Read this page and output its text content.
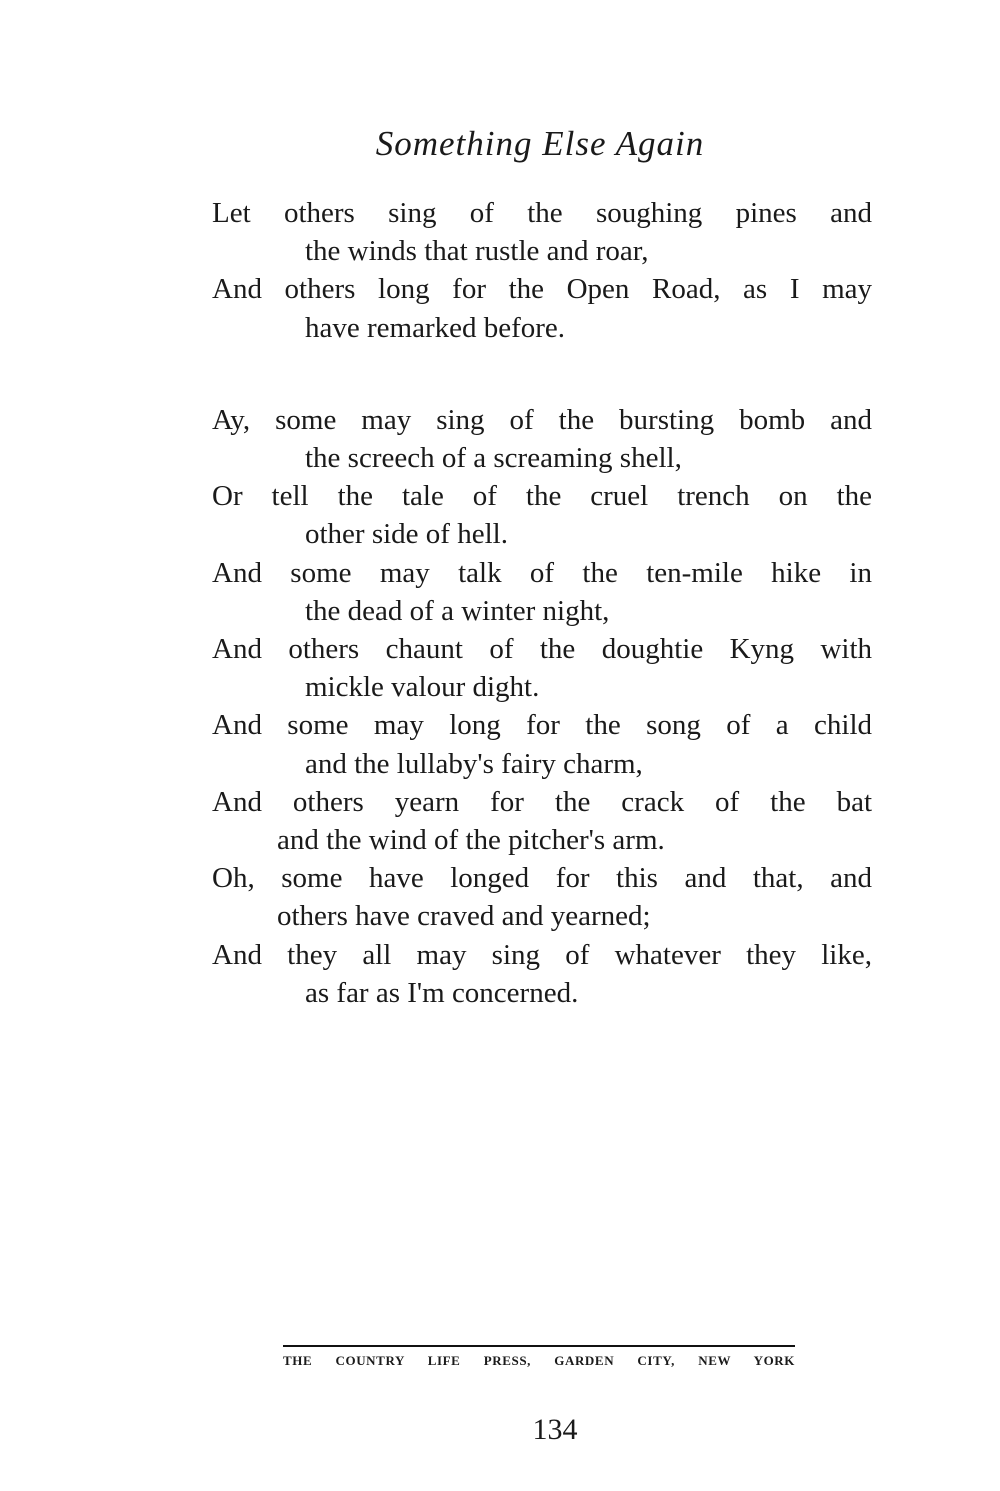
Something Else Again
Let others sing of the soughing pines and
the winds that rustle and roar,
And others long for the Open Road, as I may
have remarked before.
Ay, some may sing of the bursting bomb and
the screech of a screaming shell,
Or tell the tale of the cruel trench on the
other side of hell.
And some may talk of the ten-mile hike in
the dead of a winter night,
And others chaunt of the doughtie Kyng with
mickle valour dight.
And some may long for the song of a child
and the lullaby's fairy charm,
And others yearn for the crack of the bat
and the wind of the pitcher's arm.
Oh, some have longed for this and that, and
others have craved and yearned;
And they all may sing of whatever they like,
as far as I'm concerned.
THE COUNTRY LIFE PRESS, GARDEN CITY, NEW YORK
134
